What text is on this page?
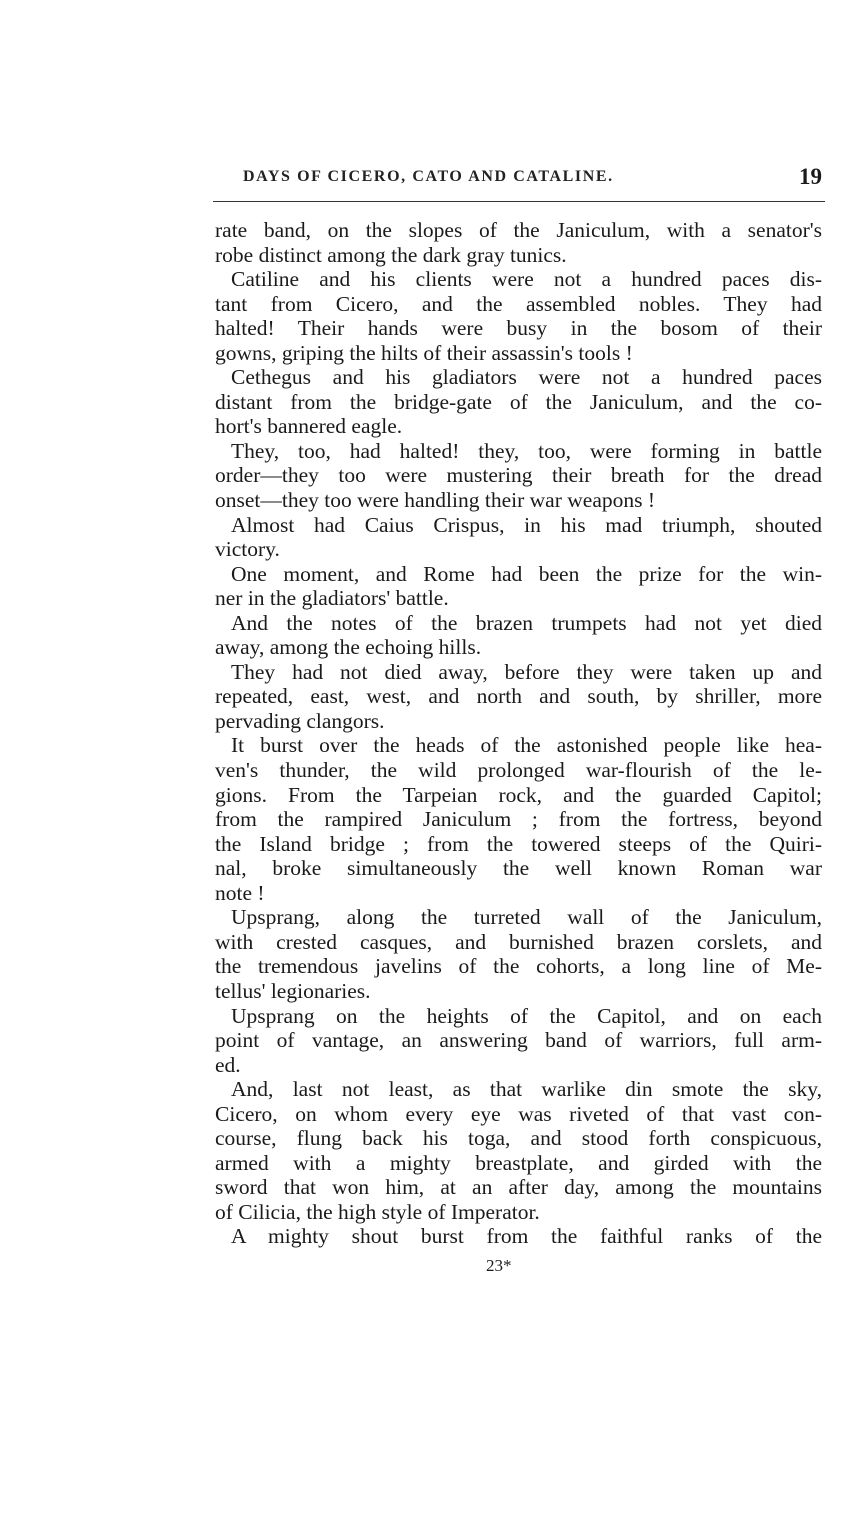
DAYS OF CICERO, CATO AND CATALINE.	19
rate band, on the slopes of the Janiculum, with a senator's
robe distinct among the dark gray tunics.
Catiline and his clients were not a hundred paces dis-
tant from Cicero, and the assembled nobles. They had
halted! Their hands were busy in the bosom of their
gowns, griping the hilts of their assassin's tools !
Cethegus and his gladiators were not a hundred paces
distant from the bridge-gate of the Janiculum, and the co-
hort's bannered eagle.
They, too, had halted! they, too, were forming in battle
order—they too were mustering their breath for the dread
onset—they too were handling their war weapons !
Almost had Caius Crispus, in his mad triumph, shouted
victory.
One moment, and Rome had been the prize for the win-
ner in the gladiators' battle.
And the notes of the brazen trumpets had not yet died
away, among the echoing hills.
They had not died away, before they were taken up and
repeated, east, west, and north and south, by shriller, more
pervading clangors.
It burst over the heads of the astonished people like hea-
ven's thunder, the wild prolonged war-flourish of the le-
gions. From the Tarpeian rock, and the guarded Capitol;
from the rampired Janiculum ; from the fortress, beyond
the Island bridge ; from the towered steeps of the Quiri-
nal, broke simultaneously the well known Roman war
note !
Upsprang, along the turreted wall of the Janiculum,
with crested casques, and burnished brazen corslets, and
the tremendous javelins of the cohorts, a long line of Me-
tellus' legionaries.
Upsprang on the heights of the Capitol, and on each
point of vantage, an answering band of warriors, full arm-
ed.
And, last not least, as that warlike din smote the sky,
Cicero, on whom every eye was riveted of that vast con-
course, flung back his toga, and stood forth conspicuous,
armed with a mighty breastplate, and girded with the
sword that won him, at an after day, among the mountains
of Cilicia, the high style of Imperator.
A mighty shout burst from the faithful ranks of the
23*
